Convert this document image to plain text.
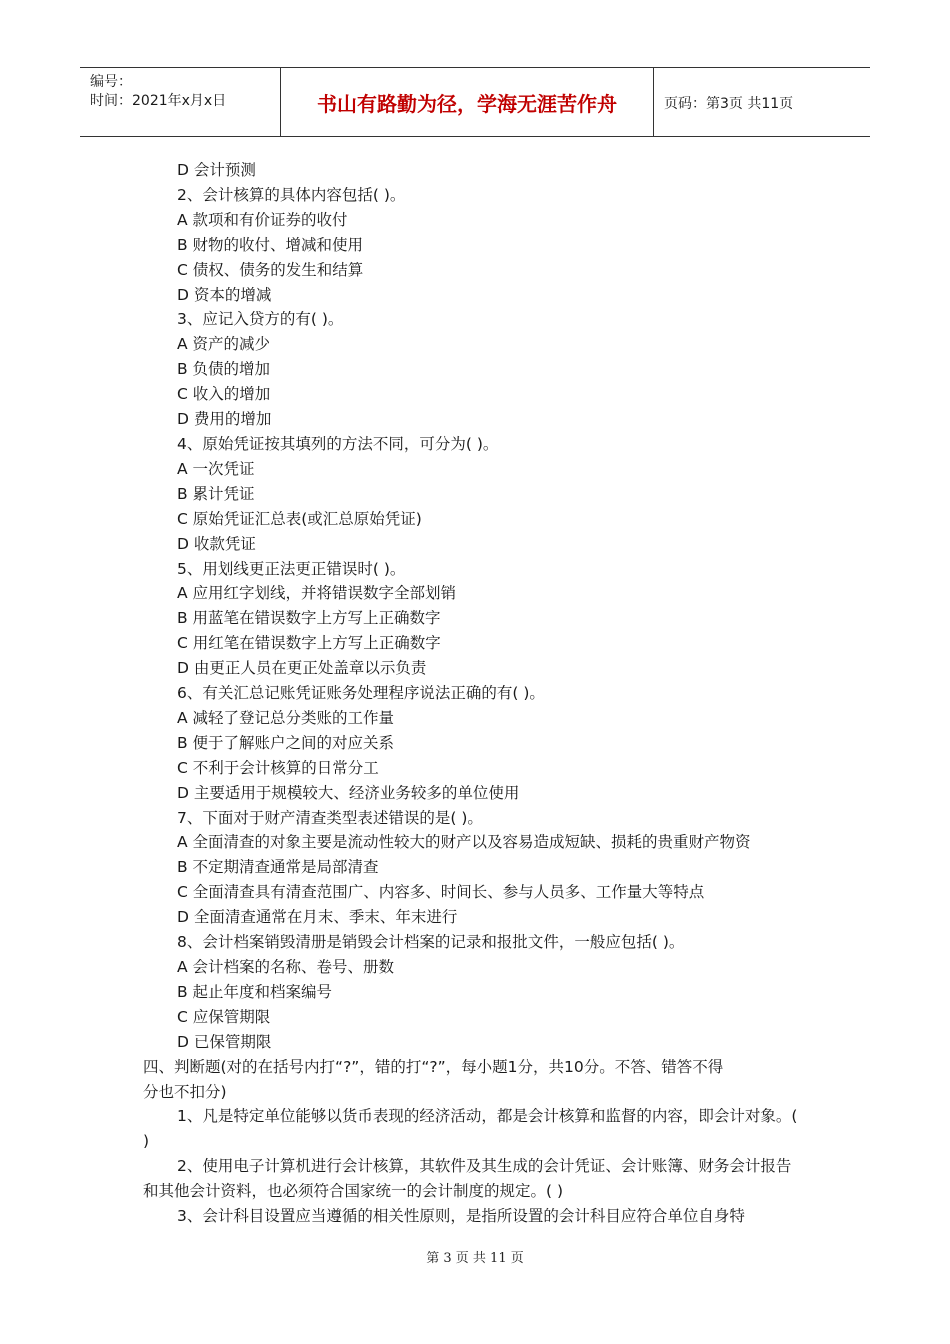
编号：
时间：2021年x月x日	书山有路勤为径，学海无涯苦作舟	页码：第3页 共11页
D 会计预测
2、会计核算的具体内容包括( )。
A 款项和有价证券的收付
B 财物的收付、增减和使用
C 债权、债务的发生和结算
D 资本的增减
3、应记入贷方的有( )。
A 资产的减少
B 负债的增加
C 收入的增加
D 费用的增加
4、原始凭证按其填列的方法不同，可分为( )。
A 一次凭证
B 累计凭证
C 原始凭证汇总表(或汇总原始凭证)
D 收款凭证
5、用划线更正法更正错误时( )。
A 应用红字划线，并将错误数字全部划销
B 用蓝笔在错误数字上方写上正确数字
C 用红笔在错误数字上方写上正确数字
D 由更正人员在更正处盖章以示负责
6、有关汇总记账凭证账务处理程序说法正确的有( )。
A 减轻了登记总分类账的工作量
B 便于了解账户之间的对应关系
C 不利于会计核算的日常分工
D 主要适用于规模较大、经济业务较多的单位使用
7、下面对于财产清查类型表述错误的是( )。
A 全面清查的对象主要是流动性较大的财产以及容易造成短缺、损耗的贵重财产物资
B 不定期清查通常是局部清查
C 全面清查具有清查范围广、内容多、时间长、参与人员多、工作量大等特点
D 全面清查通常在月末、季末、年末进行
8、会计档案销毁清册是销毁会计档案的记录和报批文件，一般应包括( )。
A 会计档案的名称、卷号、册数
B 起止年度和档案编号
C 应保管期限
D 已保管期限
四、判断题(对的在括号内打“?”，错的打“?”，每小题1分，共10分。不答、错答不得
分也不扣分)

1、凡是特定单位能够以货币表现的经济活动，都是会计核算和监督的内容，即会计对象。( )

2、使用电子计算机进行会计核算，其软件及其生成的会计凭证、会计账簿、财务会计报告和其他会计资料，也必须符合国家统一的会计制度的规定。( )

3、会计科目设置应当遵循的相关性原则，是指所设置的会计科目应符合单位自身特

第 3 页 共 11 页
